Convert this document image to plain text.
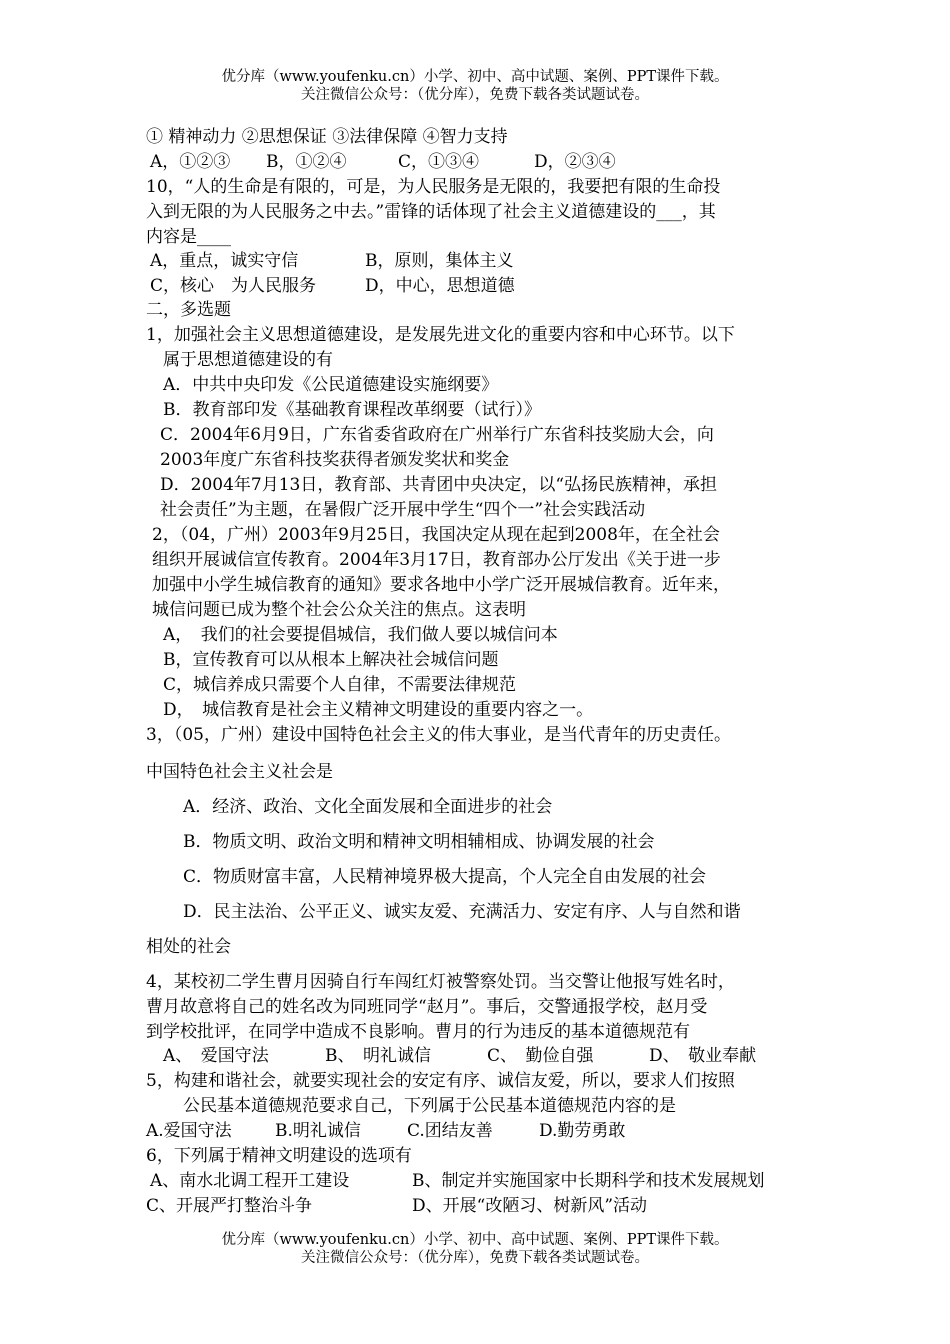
优分库（www.youfenku.cn）小学、初中、高中试题、案例、PPT课件下载。
关注微信公众号：（优分库），免费下载各类试题试卷。
① 精神动力 ②思想保证 ③法律保障 ④智力支持
A，①②③ B，①②④	C，①③④	D，②③④
10，“人的生命是有限的，可是，为人民服务是无限的，我要把有限的生命投
入到无限的为人民服务之中去。”雷锋的话体现了社会主义道德建设的___，其
内容是____
A，重点，诚实守信	B，原则，集体主义
C，核心　为人民服务	D，中心，思想道德
二，多选题
1，加强社会主义思想道德建设，是发展先进文化的重要内容和中心环节。以下
属于思想道德建设的有
A．中共中央印发《公民道德建设实施纲要》
B．教育部印发《基础教育课程改革纲要（试行）》
C．2004年6月9日，广东省委省政府在广州举行广东省科技奖励大会，向
2003年度广东省科技奖获得者颁发奖状和奖金
D．2004年7月13日，教育部、共青团中央决定，以“弘扬民族精神，承担
社会责任”为主题，在暑假广泛开展中学生“四个一”社会实践活动
2，（04，广州）2003年9月25日，我国决定从现在起到2008年，在全社会
组织开展诚信宣传教育。2004年3月17日，教育部办公厅发出《关于进一步
加强中小学生城信教育的通知》要求各地中小学广泛开展城信教育。近年来，
城信问题已成为整个社会公众关注的焦点。这表明
A，　我们的社会要提倡城信，我们做人要以城信问本
B，宣传教育可以从根本上解决社会城信问题
C，城信养成只需要个人自律，不需要法律规范
D，　城信教育是社会主义精神文明建设的重要内容之一。
3，（05，广州）建设中国特色社会主义的伟大事业，是当代青年的历史责任。
中国特色社会主义社会是
A．经济、政治、文化全面发展和全面进步的社会
B．物质文明、政治文明和精神文明相辅相成、协调发展的社会
C．物质财富丰富，人民精神境界极大提高，个人完全自由发展的社会
D．民主法治、公平正义、诚实友爱、充满活力、安定有序、人与自然和谐
相处的社会
4，某校初二学生曹月因骑自行车闯红灯被警察处罚。当交警让他报写姓名时，
曹月故意将自己的姓名改为同班同学“赵月”。事后，交警通报学校，赵月受
到学校批评，在同学中造成不良影响。曹月的行为违反的基本道德规范有
A、　爱国守法	B、　明礼诚信	C、　勤俭自强	D、　敬业奉献
5，构建和谐社会，就要实现社会的安定有序、诚信友爱，所以，要求人们按照
公民基本道德规范要求自己，下列属于公民基本道德规范内容的是
A.爱国守法	B.明礼诚信	C.团结友善	D.勤劳勇敢
6，下列属于精神文明建设的选项有
A、南水北调工程开工建设	B、制定并实施国家中长期科学和技术发展规划
C、开展严打整治斗争	D、开展“改陋习、树新风”活动
优分库（www.youfenku.cn）小学、初中、高中试题、案例、PPT课件下载。
关注微信公众号：（优分库），免费下载各类试题试卷。
